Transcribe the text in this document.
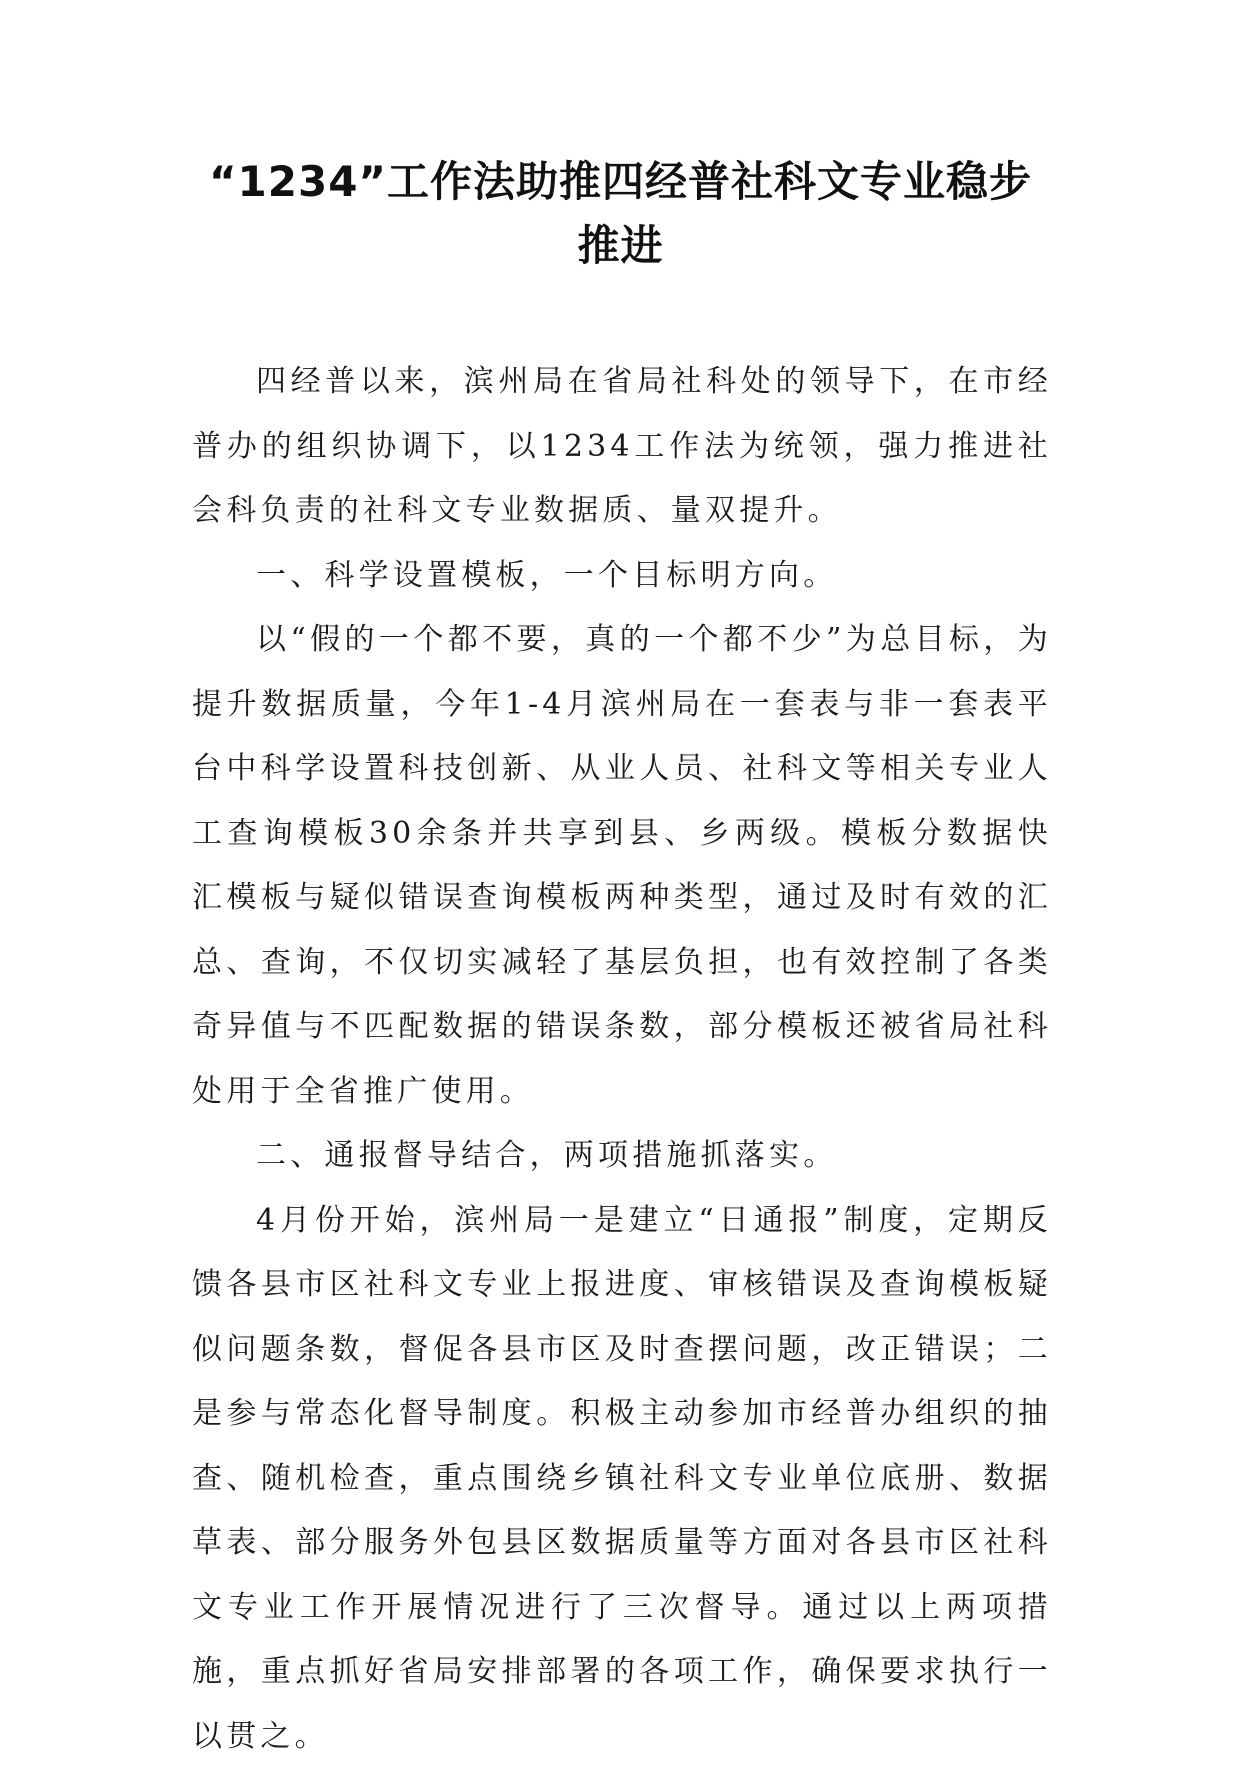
“1234”工作法助推四经普社科文专业稳步推进

四经普以来，滨州局在省局社科处的领导下，在市经普办的组织协调下，以1234工作法为统领，强力推进社会科负责的社科文专业数据质、量双提升。

一、科学设置模板，一个目标明方向。

以“假的一个都不要，真的一个都不少”为总目标，为提升数据质量，今年1-4月滨州局在一套表与非一套表平台中科学设置科技创新、从业人员、社科文等相关专业人工查询模板30余条并共享到县、乡两级。模板分数据快汇模板与疑似错误查询模板两种类型，通过及时有效的汇总、查询，不仅切实减轻了基层负担，也有效控制了各类奇异值与不匹配数据的错误条数，部分模板还被省局社科处用于全省推广使用。

二、通报督导结合，两项措施抓落实。

4月份开始，滨州局一是建立“日通报”制度，定期反馈各县市区社科文专业上报进度、审核错误及查询模板疑似问题条数，督促各县市区及时查摆问题，改正错误；二是参与常态化督导制度。积极主动参加市经普办组织的抽查、随机检查，重点围绕乡镇社科文专业单位底册、数据草表、部分服务外包县区数据质量等方面对各县市区社科文专业工作开展情况进行了三次督导。通过以上两项措施，重点抓好省局安排部署的各项工作，确保要求执行一以贯之。
